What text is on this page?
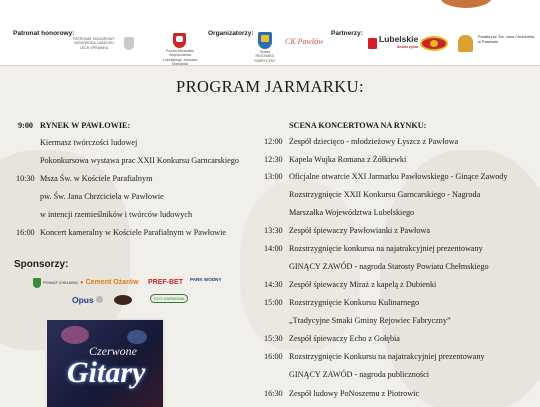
Patronat honorowy:
PATRONAT HONOROWY WOJEWODA LUBELSKI LECH SPRAWKA
Powiat Marszałek Województwa Lubelskiego Jarosław Stawiarski
Organizatorzy:
Gmina REJOWIEC FABRYCZNY
CK Pawłów
Partnerzy:
Lubelskie
Smaki życia
Parafia pw. Św. Jana Chrzciciela w Pawłowie
PROGRAM JARMARKU:
9:00 RYNEK W PAWŁOWIE:
Kiermasz twórczości ludowej
Pokonkursowa wystawa prac XXII Konkursu Garncarskiego
10:30 Msza Św. w Kościele Parafialnym
pw. Św. Jana Chrzciciela w Pawłowie
w intencji rzemieślników i twórców ludowych
16:00 Koncert kameralny w Kościele Parafialnym w Pawłowie
SCENA KONCERTOWA NA RYNKU:
12:00 Zespół dziecięco - młodzieżowy Łyszcz z Pawłowa
12:30 Kapela Wujka Romana z Żółkiewki
13:00 Oficjalne otwarcie XXI Jarmarku Pawłowskiego - Ginące Zawody
Rozstrzygnięcie XXII Konkursu Garncarskiego - Nagroda
Marszałka Województwa Lubelskiego
13:30 Zespół śpiewaczy Pawłowianki z Pawłowa
14:00 Rozstrzygnięcie konkursu na najatrakcyjniej prezentowany
GINĄCY ZAWÓD - nagroda Starosty Powiatu Chełmskiego
14:30 Zespół śpiewaczy Miraż z kapelą z Dubienki
15:00 Rozstrzygnięcie Konkursu Kulinarnego
„Tradycyjne Smaki Gminy Rejowiec Fabryczny”
15:30 Zespół śpiewaczy Echo z Gołębia
16:00 Rozstrzygnięcie Konkursu na najatrakcyjniej prezentowany
GINĄCY ZAWÓD - nagroda publiczności
16:30 Zespół ludowy PoNoszemu z Piotrowic
Sponsorzy:
POWIAT CHEŁMSKI
●	Cement Ożarów PREF-BET PARK WODNY
Opus	ECO HARMONIA
Czerwone
Gitary
